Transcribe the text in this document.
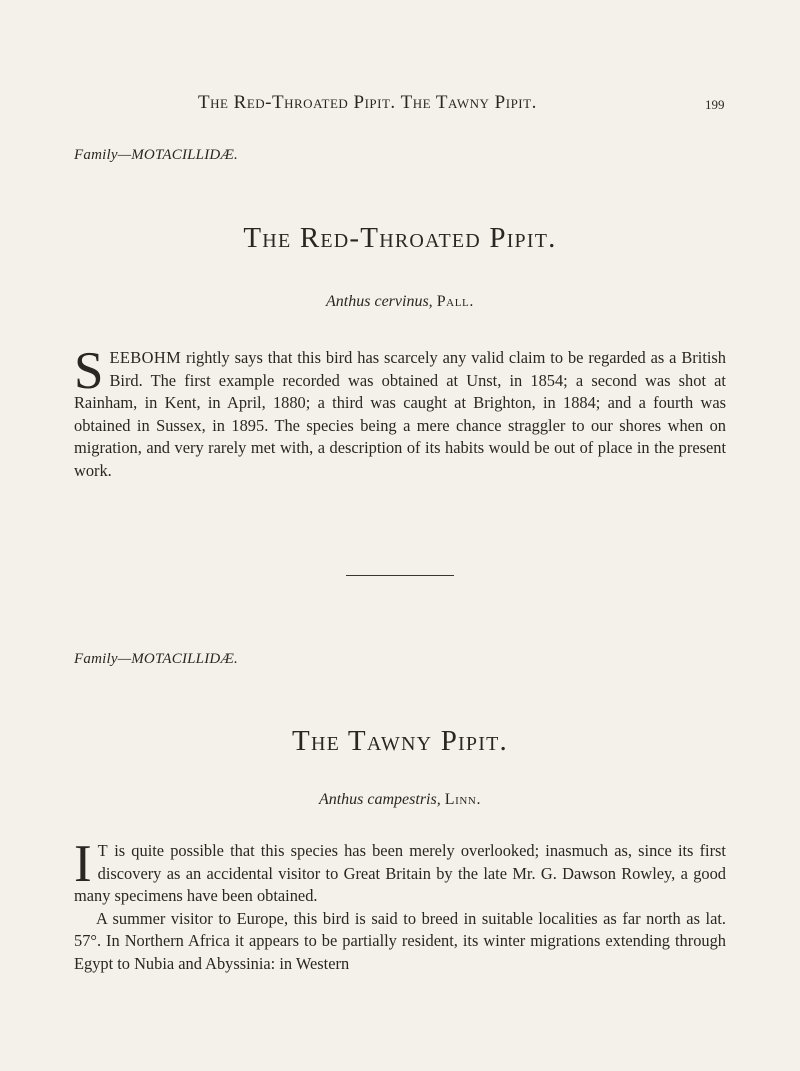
The Red-Throated Pipit. The Tawny Pipit.	199
Family—MOTACILLIDÆ.
The Red-Throated Pipit.
Anthus cervinus, Pall.

SEEBOHM rightly says that this bird has scarcely any valid claim to be regarded as a British Bird. The first example recorded was obtained at Unst, in 1854; a second was shot at Rainham, in Kent, in April, 1880; a third was caught at Brighton, in 1884; and a fourth was obtained in Sussex, in 1895. The species being a mere chance straggler to our shores when on migration, and very rarely met with, a description of its habits would be out of place in the present work.

Family—MOTACILLIDÆ.
The Tawny Pipit.
Anthus campestris, Linn.

I T is quite possible that this species has been merely overlooked; inasmuch as, since its first discovery as an accidental visitor to Great Britain by the late Mr. G. Dawson Rowley, a good many specimens have been obtained.

A summer visitor to Europe, this bird is said to breed in suitable localities as far north as lat. 57°. In Northern Africa it appears to be partially resident, its winter migrations extending through Egypt to Nubia and Abyssinia: in Western
